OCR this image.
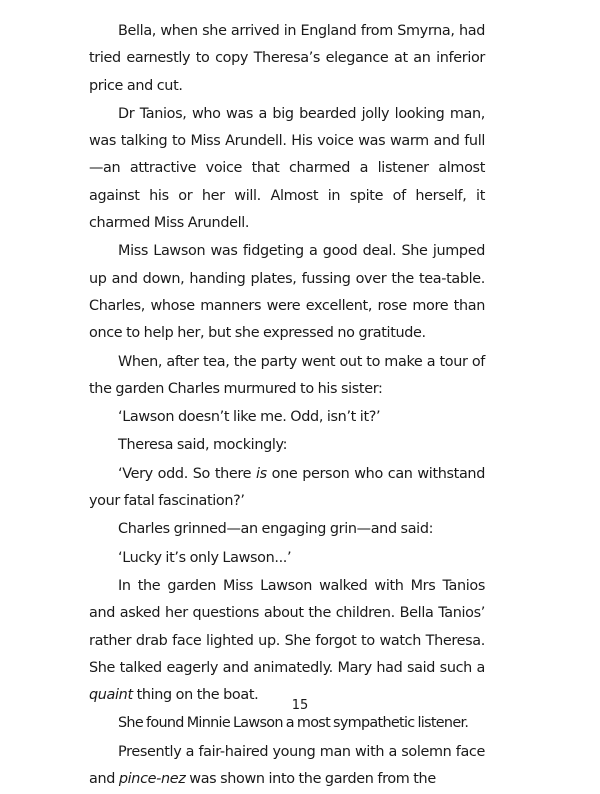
Bella, when she arrived in England from Smyrna, had tried earnestly to copy Theresa’s elegance at an inferior price and cut.

Dr Tanios, who was a big bearded jolly looking man, was talking to Miss Arundell. His voice was warm and full—an attractive voice that charmed a listener almost against his or her will. Almost in spite of herself, it charmed Miss Arundell.

Miss Lawson was fidgeting a good deal. She jumped up and down, handing plates, fussing over the tea-table. Charles, whose manners were excellent, rose more than once to help her, but she expressed no gratitude.

When, after tea, the party went out to make a tour of the garden Charles murmured to his sister:

‘Lawson doesn’t like me. Odd, isn’t it?’

Theresa said, mockingly:

‘Very odd. So there is one person who can withstand your fatal fascination?’

Charles grinned—an engaging grin—and said:

‘Lucky it’s only Lawson...’

In the garden Miss Lawson walked with Mrs Tanios and asked her questions about the children. Bella Tanios’ rather drab face lighted up. She forgot to watch Theresa. She talked eagerly and animatedly. Mary had said such a quaint thing on the boat.

She found Minnie Lawson a most sympathetic listener.

Presently a fair-haired young man with a solemn face and pince-nez was shown into the garden from the

15
